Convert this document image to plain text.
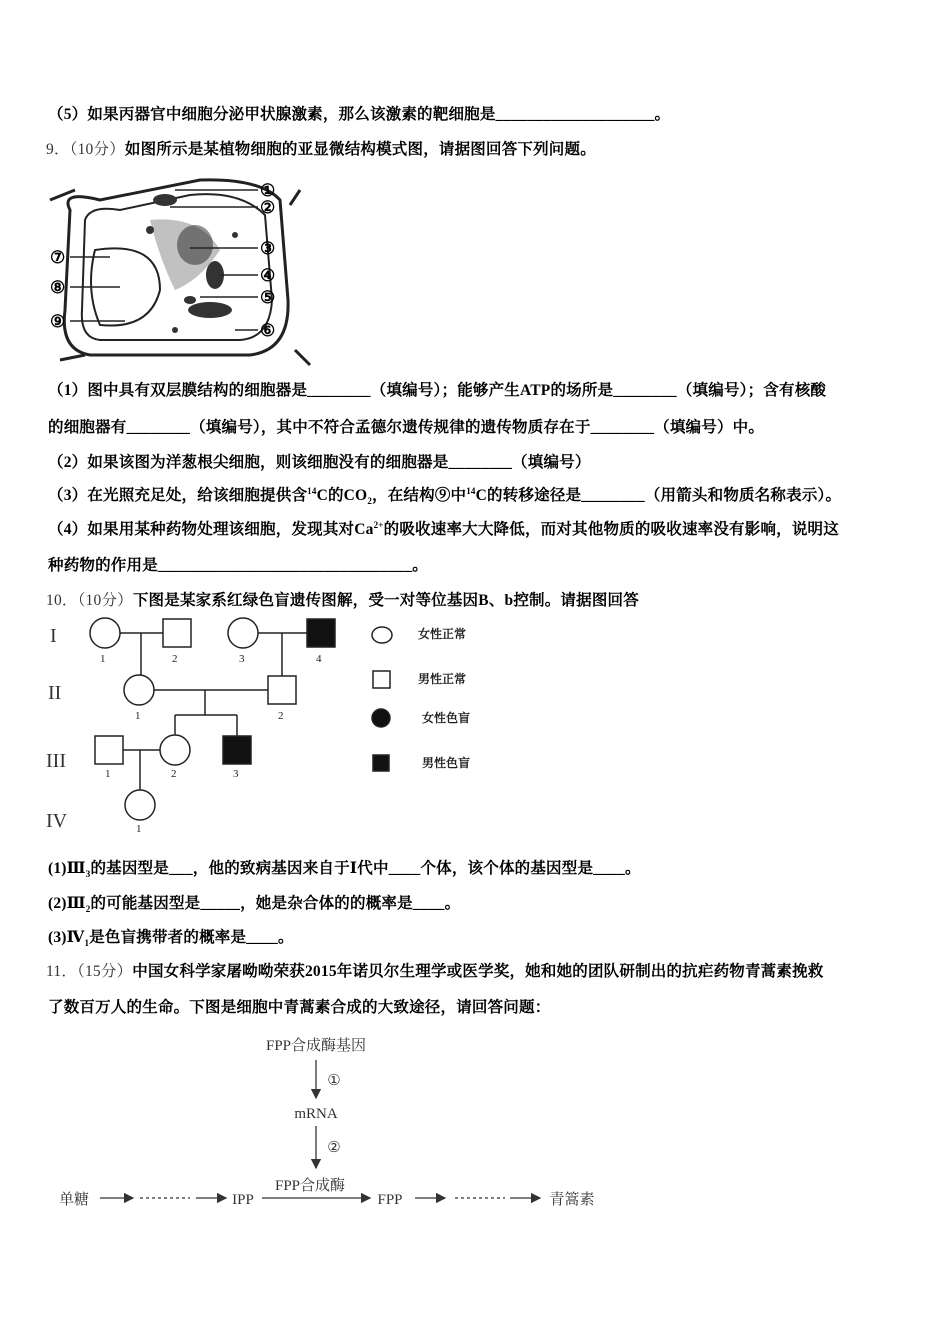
（5）如果丙器官中细胞分泌甲状腺激素，那么该激素的靶细胞是____________________。
9．（10分）如图所示是某植物细胞的亚显微结构模式图，请据图回答下列问题。
①
②
③
④
⑤
⑥
⑦
⑧
⑨
（1）图中具有双层膜结构的细胞器是________（填编号）；能够产生ATP的场所是________（填编号）；含有核酸
的细胞器有________（填编号），其中不符合孟德尔遗传规律的遗传物质存在于________（填编号）中。
（2）如果该图为洋葱根尖细胞，则该细胞没有的细胞器是________（填编号）
（3）在光照充足处，给该细胞提供含$^{14}$C的$CO_2$，在结构⑨中$^{14}$C的转移途径是________（用箭头和物质名称表示）。
（4）如果用某种药物处理该细胞，发现其对$Ca^{2+}$的吸收速率大大降低，而对其他物质的吸收速率没有影响，说明这
种药物的作用是________________________________。
10．（10分）下图是某家系红绿色盲遗传图解，受一对等位基因B、b控制。请据图回答
I
II
III
IV
1	2	3	4
1	2
1	2	3
1
女性正常
男性正常
女性色盲
男性色盲
$(1)Ⅲ_3$的基因型是___，他的致病基因来自于Ⅰ代中____个体，该个体的基因型是____。
$(2)Ⅲ_2$的可能基因型是_____，她是杂合体的的概率是____。
$(3)Ⅳ_1$是色盲携带者的概率是____。
11．（15分）中国女科学家屠呦呦荣获2015年诺贝尔生理学或医学奖，她和她的团队研制出的抗疟药物青蒿素挽救
了数百万人的生命。下图是细胞中青蒿素合成的大致途径，请回答问题：
FPP合成酶基因
①
mRNA
②
单糖	IPP
FPP合成酶
FPP	青篙素
